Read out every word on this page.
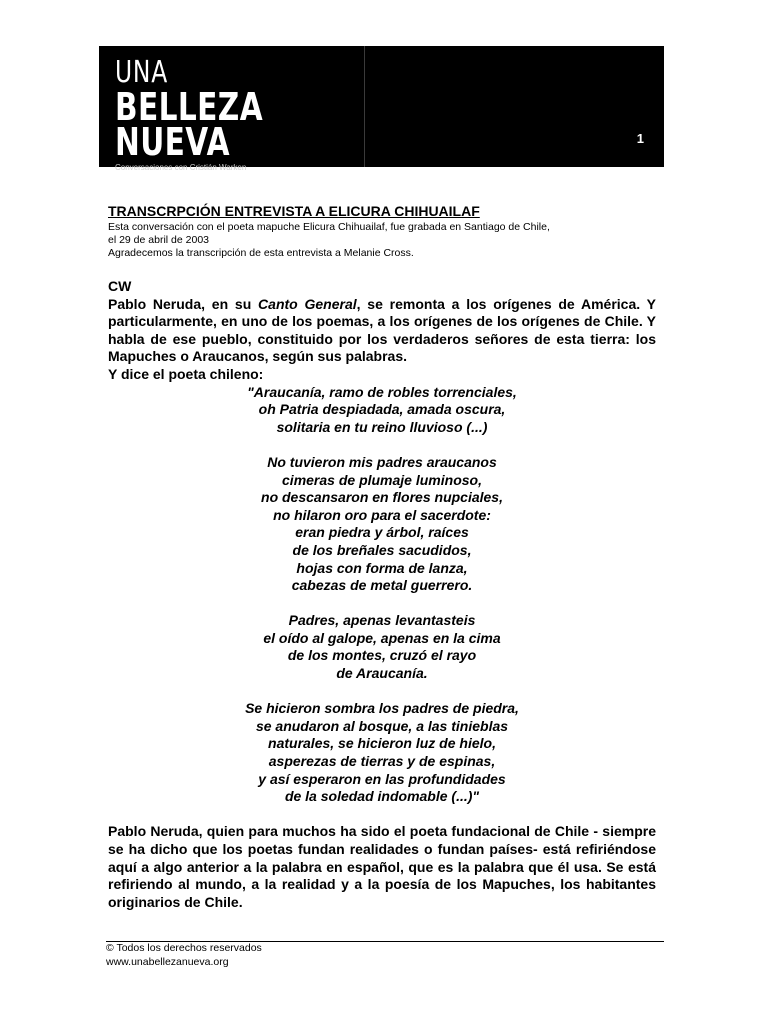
UNA
BELLEZA
NUEVA
Conversaciones con Cristián Warken
1
TRANSCRPCIÓN ENTREVISTA A ELICURA CHIHUAILAF
Esta conversación con el poeta mapuche Elicura Chihuailaf, fue grabada en Santiago de Chile,
el 29 de abril de 2003
Agradecemos la transcripción de esta entrevista a Melanie Cross.
CW
Pablo Neruda, en su Canto General, se remonta a los orígenes de América. Y particularmente, en uno de los poemas, a los orígenes de los orígenes de Chile. Y habla de ese pueblo, constituido por los verdaderos señores de esta tierra: los Mapuches o Araucanos, según sus palabras.
Y dice el poeta chileno:
"Araucanía, ramo de robles torrenciales,
oh Patria despiadada, amada oscura,
solitaria en tu reino lluvioso (...)
No tuvieron mis padres araucanos
cimeras de plumaje luminoso,
no descansaron en flores nupciales,
no hilaron oro para el sacerdote:
eran piedra y árbol, raíces
de los breñales sacudidos,
hojas con forma de lanza,
cabezas de metal guerrero.
Padres, apenas levantasteis
el oído al galope, apenas en la cima
de los montes, cruzó el rayo
de Araucanía.
Se hicieron sombra los padres de piedra,
se anudaron al bosque, a las tinieblas
naturales, se hicieron luz de hielo,
asperezas de tierras y de espinas,
y así esperaron en las profundidades
de la soledad indomable (...)"
Pablo Neruda, quien para muchos ha sido el poeta fundacional de Chile - siempre se ha dicho que los poetas fundan realidades o fundan países- está refiriéndose aquí a algo anterior a la palabra en español, que es la palabra que él usa. Se está refiriendo al mundo, a la realidad y a la poesía de los Mapuches, los habitantes originarios de Chile.
© Todos los derechos reservados
www.unabellezanueva.org
